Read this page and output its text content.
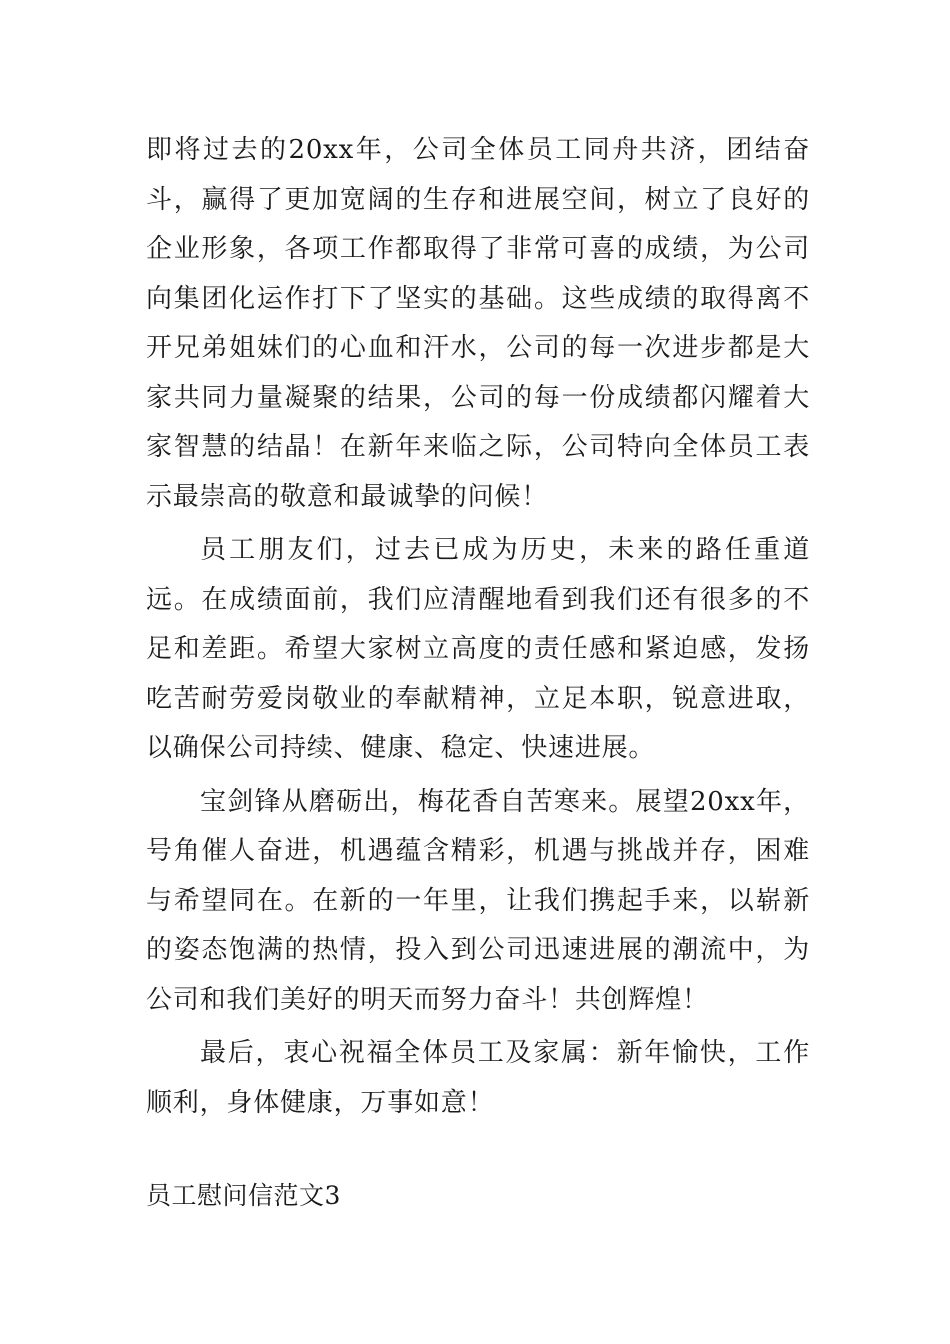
即将过去的20xx年，公司全体员工同舟共济，团结奋斗，赢得了更加宽阔的生存和进展空间，树立了良好的企业形象，各项工作都取得了非常可喜的成绩，为公司向集团化运作打下了坚实的基础。这些成绩的取得离不开兄弟姐妹们的心血和汗水，公司的每一次进步都是大家共同力量凝聚的结果，公司的每一份成绩都闪耀着大家智慧的结晶！在新年来临之际，公司特向全体员工表示最崇高的敬意和最诚挚的问候！

员工朋友们，过去已成为历史，未来的路任重道远。在成绩面前，我们应清醒地看到我们还有很多的不足和差距。希望大家树立高度的责任感和紧迫感，发扬吃苦耐劳爱岗敬业的奉献精神，立足本职，锐意进取，以确保公司持续、健康、稳定、快速进展。

宝剑锋从磨砺出，梅花香自苦寒来。展望20xx年，号角催人奋进，机遇蕴含精彩，机遇与挑战并存，困难与希望同在。在新的一年里，让我们携起手来，以崭新的姿态饱满的热情，投入到公司迅速进展的潮流中，为公司和我们美好的明天而努力奋斗！共创辉煌！

最后，衷心祝福全体员工及家属：新年愉快，工作顺利，身体健康，万事如意！

员工慰问信范文3
